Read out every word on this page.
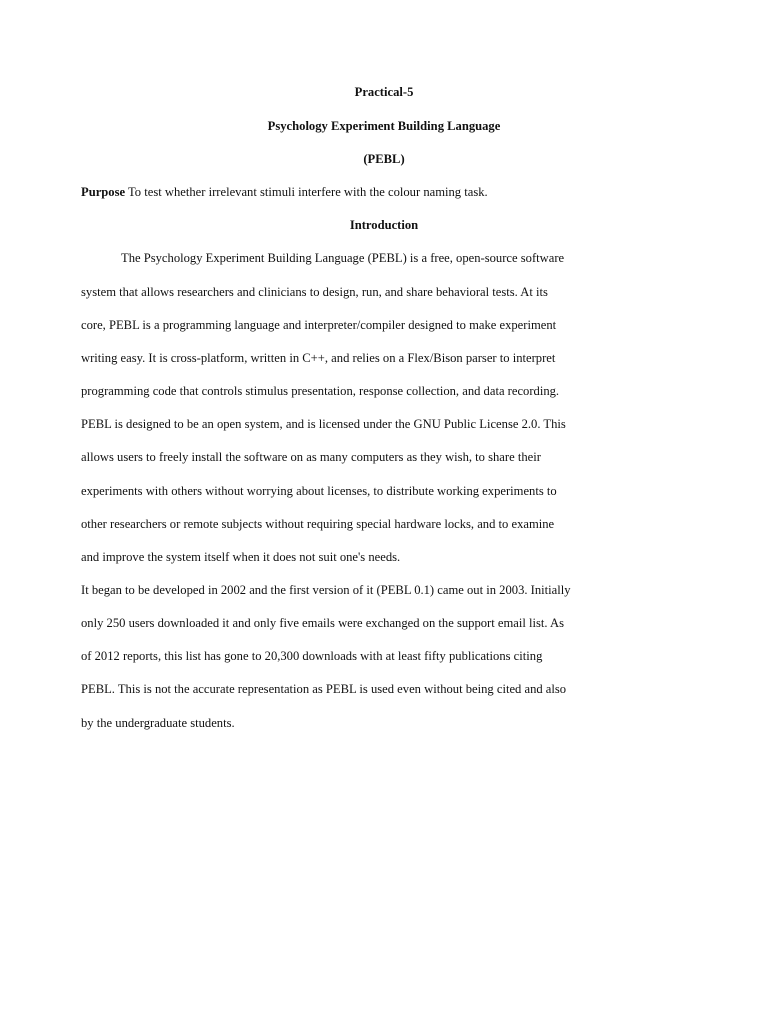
Practical-5
Psychology Experiment Building Language
(PEBL)
Purpose To test whether irrelevant stimuli interfere with the colour naming task.
Introduction
The Psychology Experiment Building Language (PEBL) is a free, open-source software
system that allows researchers and clinicians to design, run, and share behavioral tests. At its
core, PEBL is a programming language and interpreter/compiler designed to make experiment
writing easy. It is cross-platform, written in C++, and relies on a Flex/Bison parser to interpret
programming code that controls stimulus presentation, response collection, and data recording.
PEBL is designed to be an open system, and is licensed under the GNU Public License 2.0. This
allows users to freely install the software on as many computers as they wish, to share their
experiments with others without worrying about licenses, to distribute working experiments to
other researchers or remote subjects without requiring special hardware locks, and to examine
and improve the system itself when it does not suit one's needs.
It began to be developed in 2002 and the first version of it (PEBL 0.1) came out in 2003. Initially
only 250 users downloaded it and only five emails were exchanged on the support email list. As
of 2012 reports, this list has gone to 20,300 downloads with at least fifty publications citing
PEBL. This is not the accurate representation as PEBL is used even without being cited and also
by the undergraduate students.
